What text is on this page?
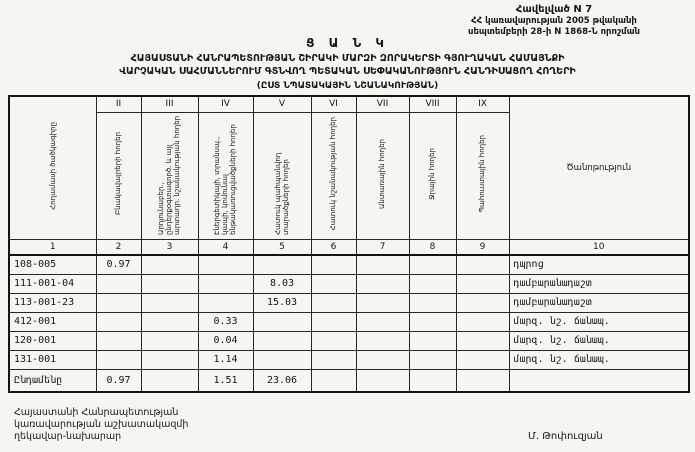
Հավելված N 7
ՀՀ կառավարության 2005 թվականի
սեպտեմբերի 28-ի N 1868-Ն որոշման
Ց Ա Ն Կ
ՀԱՅԱՍՏԱՆԻ ՀԱՆՐԱՊԵՏՈՒԹՅԱՆ ՇԻՐԱԿԻ ՄԱՐԶԻ ԶՈՐԱԿԵՐՏԻ ԳՅՈՒՂԱԿԱՆ ՀԱՄԱՅՆՔԻ
ՎԱՐՉԱԿԱՆ ՍԱՀՄԱՆՆԵՐՈՒՄ ԳՏՆՎՈՂ ՊԵՏԱԿԱՆ ՍԵՓԱԿԱՆՈՒԹՅՈՒՆ ՀԱՆԴԻՍԱՑՈՂ ՀՈՂԵՐԻ
(ԸՍՏ ՆՊԱՏԱԿԱՅԻՆ ՆՇԱՆԱԿՈՒԹՅԱՆ)
Հողամասի ծածկագիրը	II	III	IV	V	VI	VII	VIII	IX	Ծանոթություն

	Բնակավայրերի հողեր	Արդյունաբեր., ընդերքօգտագործ. և այլ արտադր. նշանակության հողեր	Էներգետիկայի, տրանսպ., կապի, կոմունալ ենթակառուցվածքների հողեր	Հատուկ պահպանվող տարածքների հողեր	Հատուկ նշանակության հողեր	Անտառային հողեր	Ջրային հողեր	Պահուստային հողեր	
1	2	3	4	5	6	7	8	9	10
108-005	0.97								դպրոց
111-001-04				8.03					դամբարանադաշտ
113-001-23				15.03					դամբարանադաշտ
412-001			0.33						մարզ. նշ. ճանապ.
120-001			0.04						մարզ. նշ. ճանապ.
131-001			1.14						մարզ. նշ. ճանապ.
Ընդամենը	0.97		1.51	23.06					
Հայաստանի Հանրապետության
կառավարության աշխատակազմի
ղեկավար-նախարար	Մ. Թոփուզյան
